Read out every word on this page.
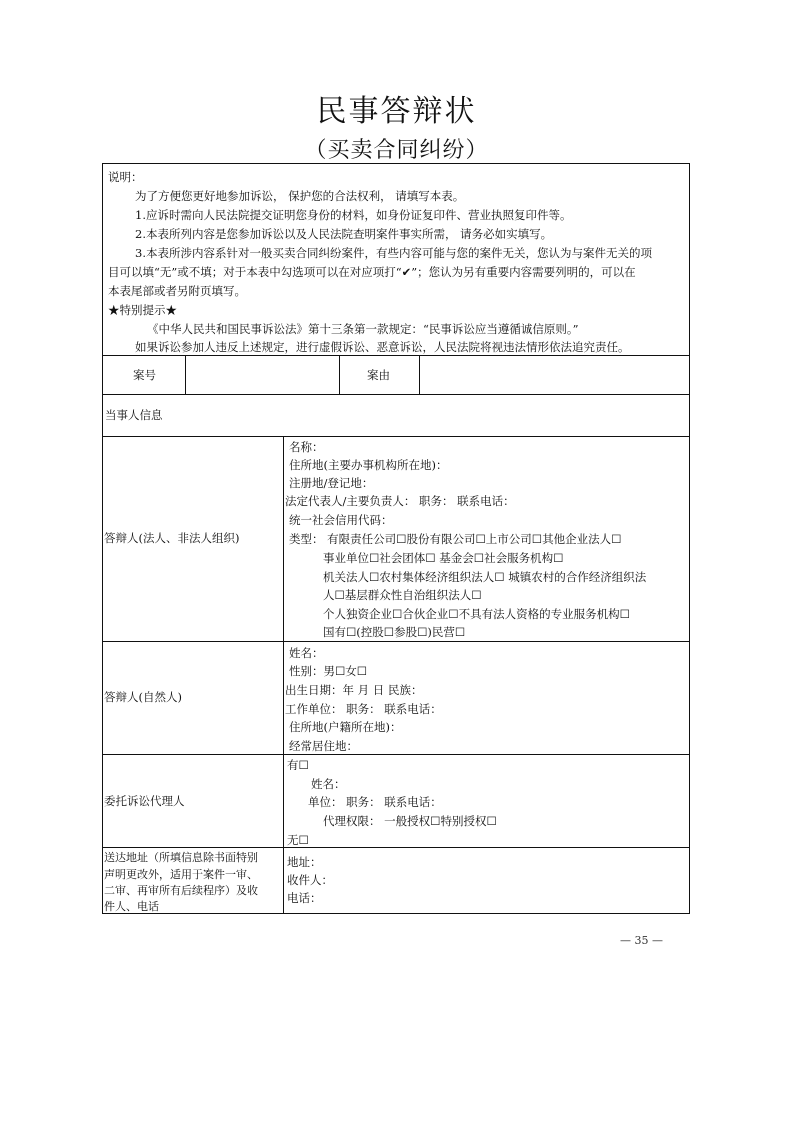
民事答辩状
（买卖合同纠纷）
说明：
为了方便您更好地参加诉讼， 保护您的合法权利， 请填写本表。
1.应诉时需向人民法院提交证明您身份的材料，如身份证复印件、营业执照复印件等。
2.本表所列内容是您参加诉讼以及人民法院查明案件事实所需， 请务必如实填写。
3.本表所涉内容系针对一般买卖合同纠纷案件，有些内容可能与您的案件无关，您认为与案件无关的项
目可以填“无”或不填；对于本表中勾选项可以在对应项打“✔”；您认为另有重要内容需要列明的，可以在
本表尾部或者另附页填写。
★特别提示★
《中华人民共和国民事诉讼法》第十三条第一款规定：“民事诉讼应当遵循诚信原则。”
如果诉讼参加人违反上述规定，进行虚假诉讼、恶意诉讼，人民法院将视违法情形依法追究责任。
案号	案由
当事人信息
答辩人(法人、非法人组织)
名称：
住所地(主要办事机构所在地)：
注册地/登记地：
法定代表人/主要负责人： 职务： 联系电话：
统一社会信用代码：
类型： 有限责任公司☐股份有限公司☐上市公司☐其他企业法人☐
事业单位☐社会团体☐ 基金会☐社会服务机构☐
机关法人☐农村集体经济组织法人☐ 城镇农村的合作经济组织法
人☐基层群众性自治组织法人☐
个人独资企业☐合伙企业☐不具有法人资格的专业服务机构☐
国有☐(控股☐参股☐)民营☐
答辩人(自然人)
姓名：
性别：男☐女☐
出生日期：年 月 日 民族：
工作单位： 职务： 联系电话：
住所地(户籍所在地)：
经常居住地：
委托诉讼代理人
有☐
姓名：
单位： 职务： 联系电话：
代理权限： 一般授权☐特别授权☐
无☐
送达地址（所填信息除书面特别
声明更改外，适用于案件一审、
二审、再审所有后续程序）及收
件人、电话
地址：
收件人：
电话：
— 35 —
